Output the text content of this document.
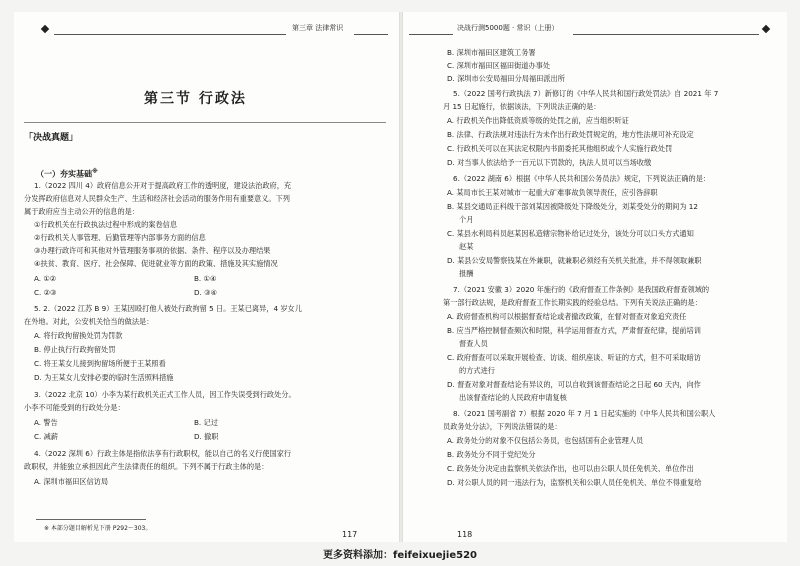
第三章 法律常识
第三节 行政法
「决战真题」
（一）夯实基础※
1.（2022 四川 4）政府信息公开对于提高政府工作的透明度，建设法治政府，充
分发挥政府信息对人民群众生产、生活和经济社会活动的服务作用有重要意义。下列
属于政府应当主动公开的信息的是：
①行政机关在行政执法过程中形成的案卷信息
②行政机关人事管理、后勤管理等内部事务方面的信息
③办理行政许可和其他对外管理服务事项的依据、条件、程序以及办理结果
④扶贫、教育、医疗、社会保障、促进就业等方面的政策、措施及其实施情况
A. ①②	B. ①④
C. ②③	D. ③④
5. 2.（2022 江苏 B 9）王某因殴打他人被处行政拘留 5 日。王某已离异，4 岁女儿
在外地。对此，公安机关恰当的做法是：
A. 将行政拘留换处罚为罚款
B. 停止执行行政拘留处罚
C. 将王某女儿接到拘留场所便于王某照看
D. 为王某女儿安排必要的临时生活照料措施
3.（2022 北京 10）小李为某行政机关正式工作人员，因工作失误受到行政处分。
小李不可能受到的行政处分是：
A. 警告	B. 记过
C. 减薪	D. 撤职
4.（2022 深圳 6）行政主体是指依法享有行政职权，能以自己的名义行使国家行
政职权，并能独立承担因此产生法律责任的组织。下列不属于行政主体的是：
A. 深圳市福田区信访局
※ 本部分题目解析见下册 P292～303。
117
决战行测5000题 · 常识（上册）
B. 深圳市福田区建筑工务署
C. 深圳市福田区福田街道办事处
D. 深圳市公安局福田分局福田派出所
5.（2022 国考行政执法 7）新修订的《中华人民共和国行政处罚法》自 2021 年 7
月 15 日起施行，依据该法，下列说法正确的是：
A. 行政机关作出降低资质等级的处罚之前，应当组织听证
B. 法律、行政法规对违法行为未作出行政处罚规定的，地方性法规可补充设定
C. 行政机关可以在其法定权限内书面委托其他组织或个人实施行政处罚
D. 对当事人依法给予一百元以下罚款的，执法人员可以当场收缴
6.（2022 湖南 6）根据《中华人民共和国公务员法》规定，下列说法正确的是：
A. 某局市长王某对城市一起重大矿难事故负领导责任，应引咎辞职
B. 某县交通局正科级干部刘某因被降级处下降级处分，刘某受处分的期间为 12
个月
C. 某县水利局科员赵某因私造辖宗物补给记过处分，该处分可以口头方式通知
赵某
D. 某县公安局警察钱某在外兼职，就兼职必须经有关机关批准，并不得领取兼职
报酬
7.（2021 安徽 3）2020 年施行的《政府督查工作条例》是我国政府督查领域的
第一部行政法规，是政府督查工作长期实践的经验总结。下列有关说法正确的是：
A. 政府督查机构可以根据督查结论或者撤改政策，在督对督查对象追究责任
B. 应当严格控制督查频次和时限，科学运用督查方式，严肃督查纪律，提前培训
督查人员
C. 政府督查可以采取开展检查、访谈、组织座谈、听证的方式，但不可采取暗访
的方式进行
D. 督查对象对督查结论有异议的，可以自收到该督查结论之日起 60 天内，向作
出该督查结论的人民政府申请复核
8.（2021 国考副省 7）根据 2020 年 7 月 1 日起实施的《中华人民共和国公职人
员政务处分法》，下列说法错误的是：
A. 政务处分的对象不仅包括公务员，也包括国有企业管理人员
B. 政务处分不同于党纪处分
C. 政务处分决定由监察机关依法作出，也可以由公职人员任免机关、单位作出
D. 对公职人员的同一违法行为，监察机关和公职人员任免机关、单位不得重复给
118
更多资料添加：feifeixuejie520
